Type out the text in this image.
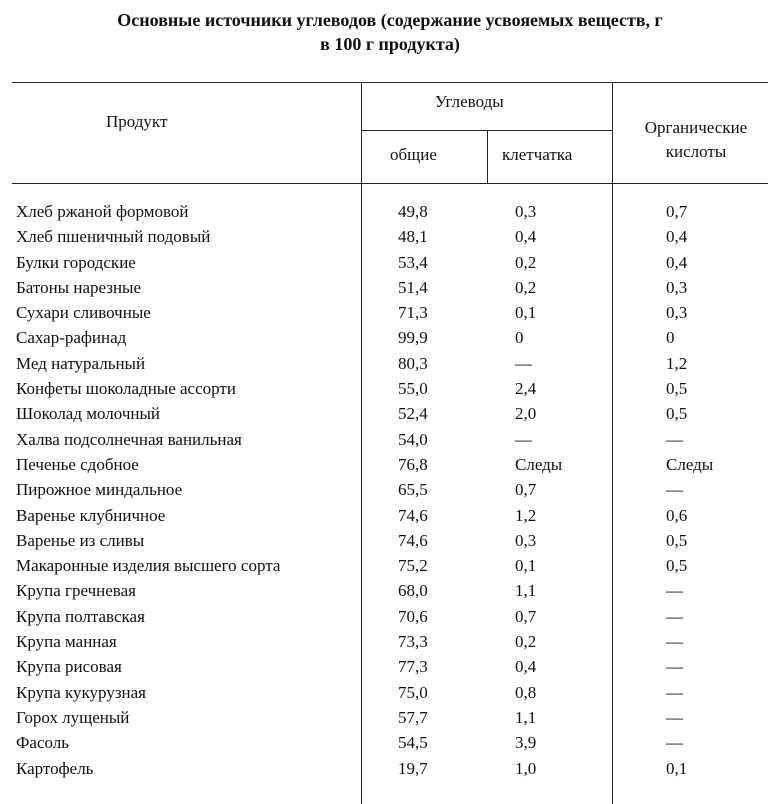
Основные источники углеводов (содержание усвояемых веществ, г
в 100 г продукта)
Продукт
Углеводы
общие	клетчатка
Органические
кислоты
Хлеб ржаной формовой	49,8	0,3	0,7
Хлеб пшеничный подовый	48,1	0,4	0,4
Булки городские	53,4	0,2	0,4
Батоны нарезные	51,4	0,2	0,3
Сухари сливочные	71,3	0,1	0,3
Сахар-рафинад	99,9	0	0
Мед натуральный	80,3	—	1,2
Конфеты шоколадные ассорти	55,0	2,4	0,5
Шоколад молочный	52,4	2,0	0,5
Халва подсолнечная ванильная	54,0	—	—
Печенье сдобное	76,8	Следы	Следы
Пирожное миндальное	65,5	0,7	—
Варенье клубничное	74,6	1,2	0,6
Варенье из сливы	74,6	0,3	0,5
Макаронные изделия высшего сорта	75,2	0,1	0,5
Крупа гречневая	68,0	1,1	—
Крупа полтавская	70,6	0,7	—
Крупа манная	73,3	0,2	—
Крупа рисовая	77,3	0,4	—
Крупа кукурузная	75,0	0,8	—
Горох лущеный	57,7	1,1	—
Фасоль	54,5	3,9	—
Картофель	19,7	1,0	0,1
